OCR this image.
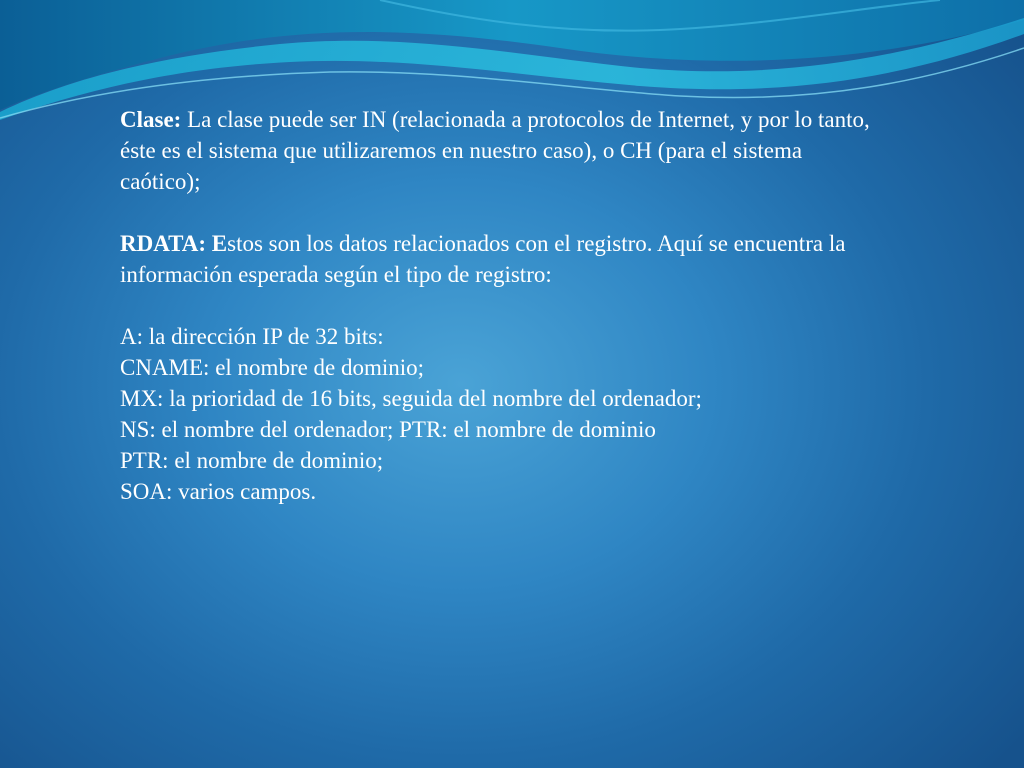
Clase: La clase puede ser IN (relacionada a protocolos de Internet, y por lo tanto, éste es el sistema que utilizaremos en nuestro caso), o CH (para el sistema caótico);

RDATA: Estos son los datos relacionados con el registro. Aquí se encuentra la información esperada según el tipo de registro:

A: la dirección IP de 32 bits:
CNAME: el nombre de dominio;
MX: la prioridad de 16 bits, seguida del nombre del ordenador;
NS: el nombre del ordenador; PTR: el nombre de dominio
PTR: el nombre de dominio;
SOA: varios campos.
